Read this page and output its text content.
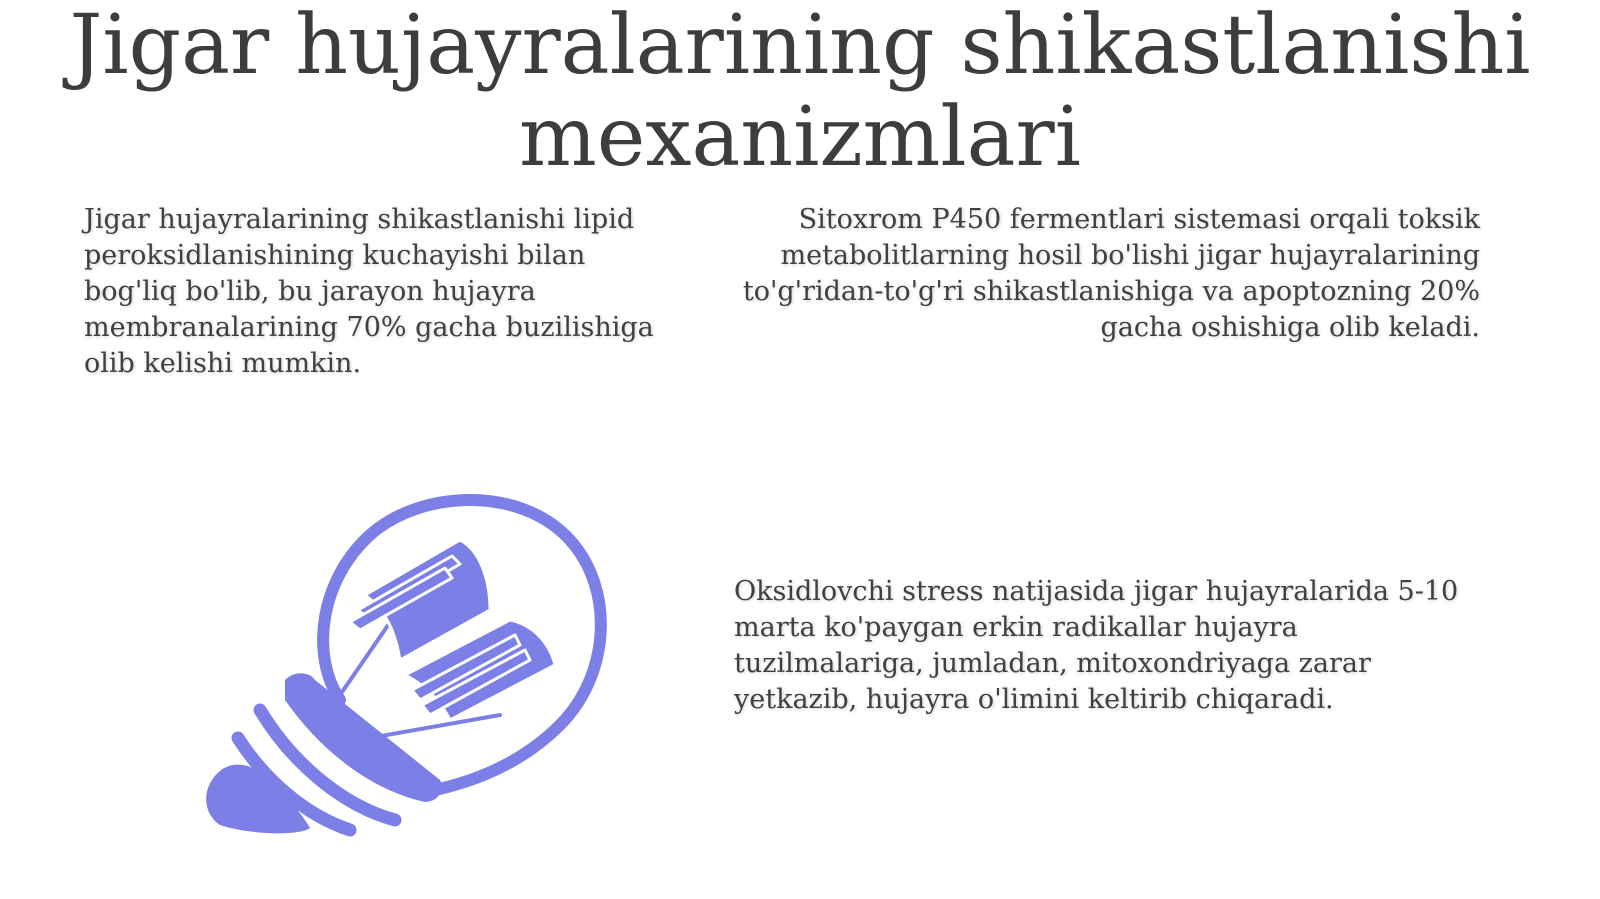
Jigar hujayralarining shikastlanishi mexanizmlari

Jigar hujayralarining shikastlanishi lipid peroksidlanishining kuchayishi bilan bog'liq bo'lib, bu jarayon hujayra membranalarining 70% gacha buzilishiga olib kelishi mumkin.

Sitoxrom P450 fermentlari sistemasi orqali toksik metabolitlarning hosil bo'lishi jigar hujayralarining to'g'ridan-to'g'ri shikastlanishiga va apoptozning 20% gacha oshishiga olib keladi.

Oksidlovchi stress natijasida jigar hujayralarida 5-10 marta ko'paygan erkin radikallar hujayra tuzilmalariga, jumladan, mitoxondriyaga zarar yetkazib, hujayra o'limini keltirib chiqaradi.
